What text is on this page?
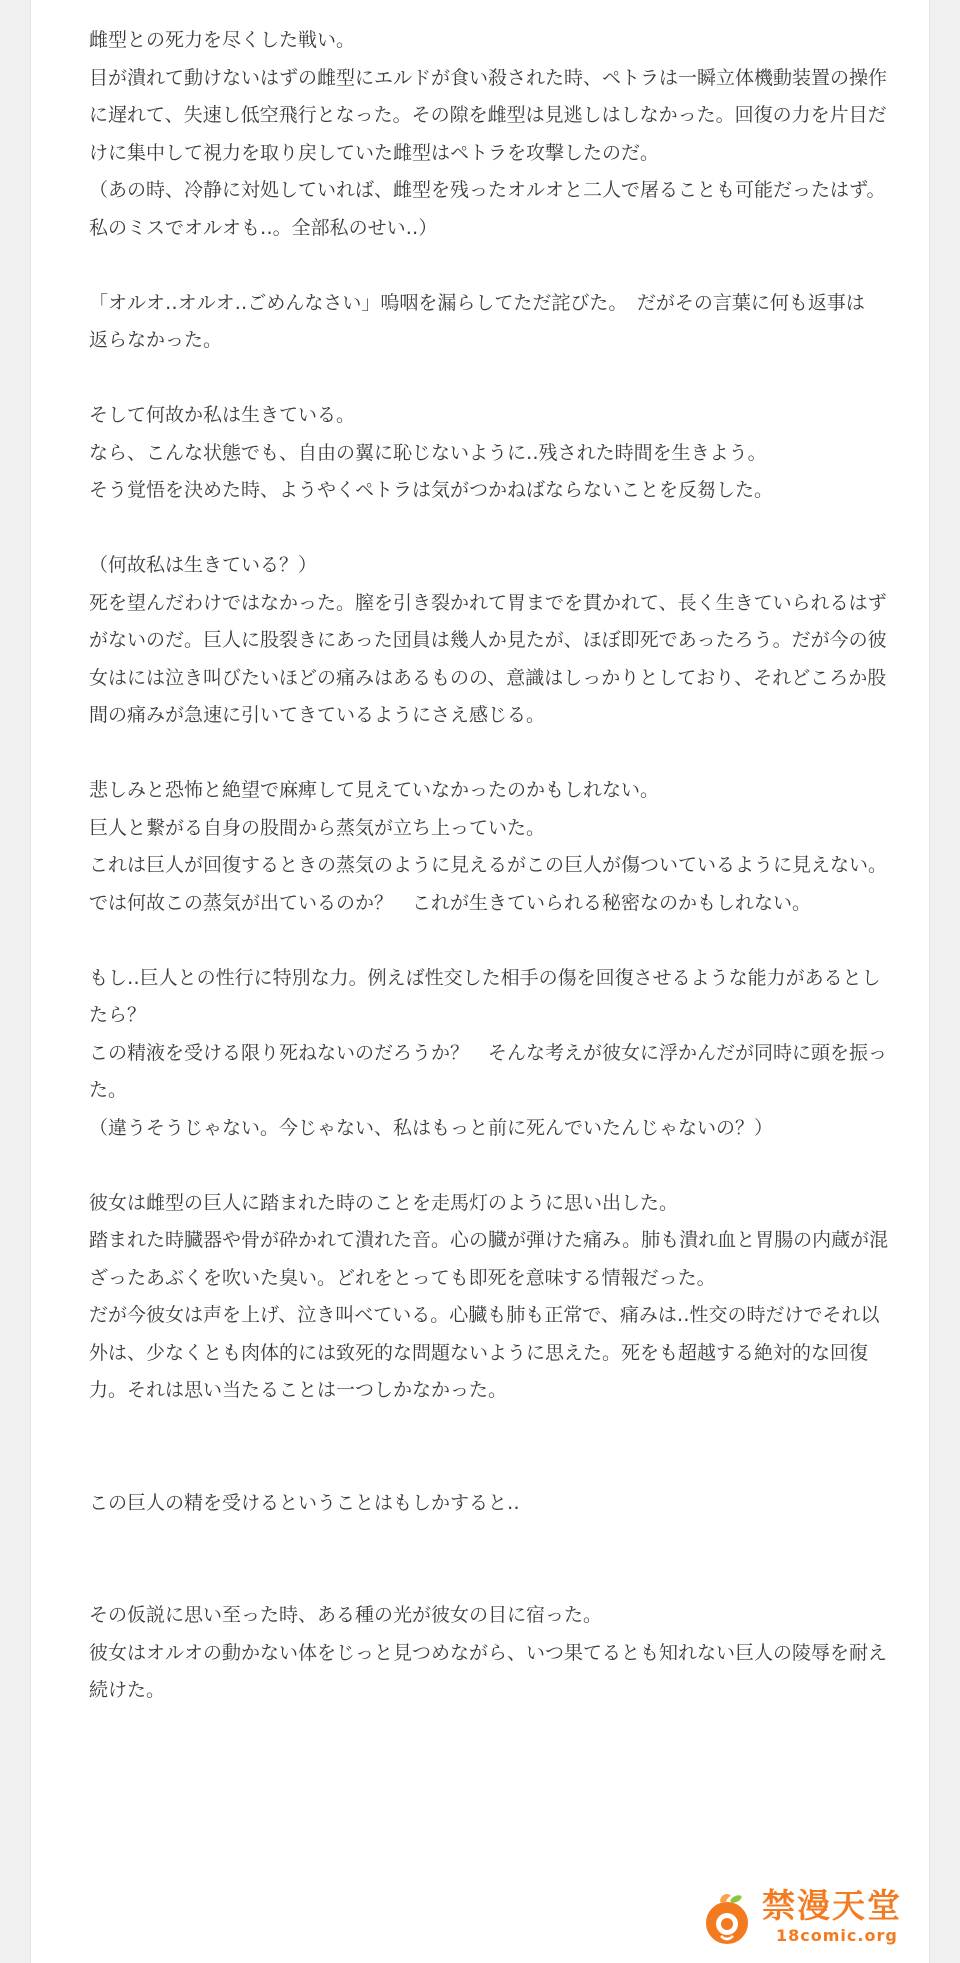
雌型との死力を尽くした戦い。
目が潰れて動けないはずの雌型にエルドが食い殺された時、ペトラは一瞬立体機動装置の操作
に遅れて、失速し低空飛行となった。その隙を雌型は見逃しはしなかった。回復の力を片目だ
けに集中して視力を取り戻していた雌型はペトラを攻撃したのだ。
（あの時、冷静に対処していれば、雌型を残ったオルオと二人で屠ることも可能だったはず。
私のミスでオルオも‥。全部私のせい‥）
「オルオ‥オルオ‥ごめんなさい」嗚咽を漏らしてただ詫びた。　だがその言葉に何も返事は
返らなかった。
そして何故か私は生きている。
なら、こんな状態でも、自由の翼に恥じないように‥残された時間を生きよう。
そう覚悟を決めた時、ようやくペトラは気がつかねばならないことを反芻した。
（何故私は生きている？）
死を望んだわけではなかった。膣を引き裂かれて胃までを貫かれて、長く生きていられるはず
がないのだ。巨人に股裂きにあった団員は幾人か見たが、ほぼ即死であったろう。だが今の彼
女はには泣き叫びたいほどの痛みはあるものの、意識はしっかりとしており、それどころか股
間の痛みが急速に引いてきているようにさえ感じる。
悲しみと恐怖と絶望で麻痺して見えていなかったのかもしれない。
巨人と繋がる自身の股間から蒸気が立ち上っていた。
これは巨人が回復するときの蒸気のように見えるがこの巨人が傷ついているように見えない。
では何故この蒸気が出ているのか？　これが生きていられる秘密なのかもしれない。
もし‥巨人との性行に特別な力。例えば性交した相手の傷を回復させるような能力があるとし
たら？
この精液を受ける限り死ねないのだろうか？　そんな考えが彼女に浮かんだが同時に頭を振っ
た。
（違うそうじゃない。今じゃない、私はもっと前に死んでいたんじゃないの？）
彼女は雌型の巨人に踏まれた時のことを走馬灯のように思い出した。
踏まれた時臓器や骨が砕かれて潰れた音。心の臓が弾けた痛み。肺も潰れ血と胃腸の内蔵が混
ざったあぶくを吹いた臭い。どれをとっても即死を意味する情報だった。
だが今彼女は声を上げ、泣き叫べている。心臓も肺も正常で、痛みは‥性交の時だけでそれ以
外は、少なくとも肉体的には致死的な問題ないように思えた。死をも超越する絶対的な回復
力。それは思い当たることは一つしかなかった。
この巨人の精を受けるということはもしかすると‥
その仮説に思い至った時、ある種の光が彼女の目に宿った。
彼女はオルオの動かない体をじっと見つめながら、いつ果てるとも知れない巨人の陵辱を耐え
続けた。
禁漫天堂
18comic.org
